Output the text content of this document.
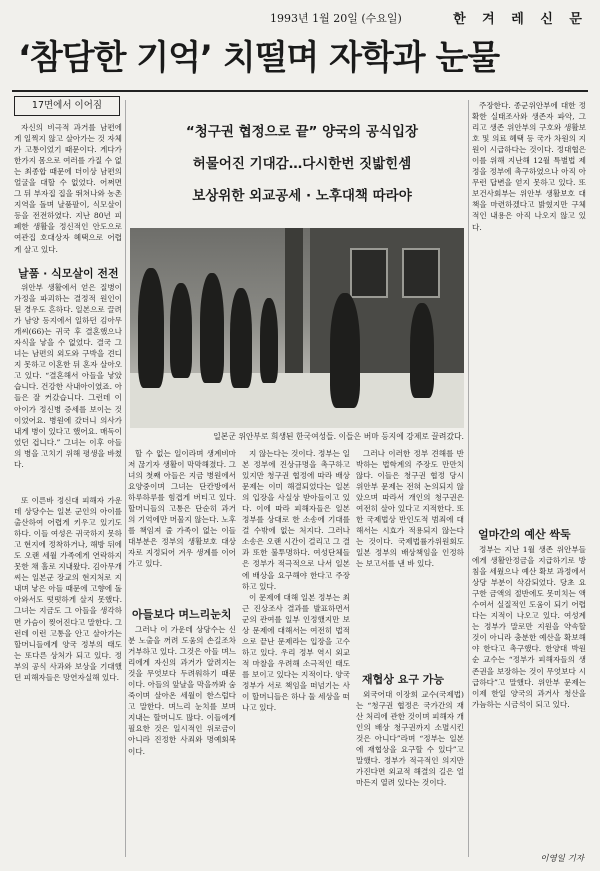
1993년 1월 20일 (수요일)	한 겨 레 신 문
‘참담한 기억’ 치떨며 자학과 눈물
17면에서 이어짐
“청구권 협정으로 끝” 양국의 공식입장
허물어진 기대감…다시한번 짓밟힌셈
보상위한 외교공세 · 노후대책 따라야
일본군 위안부로 희생된 한국여성들. 이들은 버마 등지에 강제로 끌려갔다.

자신의 비극적 과거를 남편에게 일찍지 않고 살아가는 것 자체가 고통이었기 때문이다. 게다가 한가지 몸으로 여러를 가질 수 없는 최종합 때문에 더이상 남편의 얼굴을 대할 수 없었다. 어쩌면 그 뒤 부자집 집을 뛰쳐나와 농촌지역을 돌며 날품팔이, 식모살이 등을 전전하였다. 지난 80년 피폐한 생활을 정신적인 안도으로 여관집 호대상자 혜택으로 어렵게 살고 있다.

날품 · 식모살이 전전

위안부 생활에서 얻은 질병이 가정을 파괴하는 결정적 원인이 된 경우도 흔하다. 일본으로 끌려가 남양 등지에서 일하던 김아무개씨(66)는 귀국 후 결혼했으나 자식을 낳을 수 없었다. 결국 그녀는 남편의 외도와 구박을 견디지 못하고 이혼한 뒤 혼자 살아오고 있다. “결혼해서 아들을 낳았습니다. 건강한 사내아이였죠. 아들은 잘 커갔습니다. 그런데 이 아이가 정신병 증세를 보이는 것이었어요. 병원에 갔더니 의사가 내게 병이 있다고 했어요. 매독이었던 겁니다.” 그녀는 이후 아들의 병을 고치기 위해 평생을 바쳤다.

또 이른바 정신대 피해자 가운데 상당수는 일본 군인의 아이를 출산하여 어렵게 키우고 있기도 하다. 이들 여성은 귀국하지 못하고 현지에 정착하거나, 해방 뒤에도 오랜 세월 가족에게 연락하지 못한 채 홀로 지내왔다. 김아무개씨는 일본군 장교의 현지처로 지내며 낳은 아들 때문에 고향에 돌아와서도 떳떳하게 살지 못했다. 그녀는 지금도 그 아들을 생각하면 가슴이 찢어진다고 말한다. 그런데 이런 고통을 안고 살아가는 할머니들에게 양국 정부의 태도는 또다른 상처가 되고 있다. 정부의 공식 사과와 보상을 기대했던 피해자들은 망연자실해 있다.

할 수 없는 일이라며 생계비마저 끊기자 생활이 막막해졌다. 그녀의 첫째 아들은 지금 병원에서 요양중이며 그녀는 단칸방에서 하루하루를 힘겹게 버티고 있다. 할머니들의 고통은 단순히 과거의 기억에만 머물지 않는다. 노후를 책임져 줄 가족이 없는 이들 대부분은 정부의 생활보호 대상자로 지정되어 겨우 생계를 이어가고 있다.

아들보다 며느리눈치

그러나 이 가운데 상당수는 신분 노출을 꺼려 도움의 손길조차 거부하고 있다. 그것은 아들 며느리에게 자신의 과거가 알려지는 것을 무엇보다 두려워하기 때문이다. 아들의 앞날을 막을까봐 숨죽이며 살아온 세월이 한스럽다고 말한다. 며느리 눈치를 보며 지내는 할머니도 많다. 이들에게 필요한 것은 일시적인 위로금이 아니라 진정한 사죄와 명예회복이다.

지 않는다는 것이다. 정부는 일본 정부에 진상규명을 촉구하고 있지만 청구권 협정에 따라 배상 문제는 이미 해결되었다는 일본의 입장을 사실상 받아들이고 있다. 이에 따라 피해자들은 일본 정부를 상대로 한 소송에 기대를 걸 수밖에 없는 처지다. 그러나 소송은 오랜 시간이 걸리고 그 결과 또한 불투명하다. 여성단체들은 정부가 적극적으로 나서 일본에 배상을 요구해야 한다고 주장하고 있다.

이 문제에 대해 일본 정부는 최근 진상조사 결과를 발표하면서 군의 관여를 일부 인정했지만 보상 문제에 대해서는 여전히 법적으로 끝난 문제라는 입장을 고수하고 있다. 우리 정부 역시 외교적 마찰을 우려해 소극적인 태도를 보이고 있다는 지적이다. 양국 정부가 서로 책임을 떠넘기는 사이 할머니들은 하나 둘 세상을 떠나고 있다.

그러나 이러한 정부 견해를 반박하는 법학계의 주장도 만만치 않다. 이들은 청구권 협정 당시 위안부 문제는 전혀 논의되지 않았으며 따라서 개인의 청구권은 여전히 살아 있다고 지적한다. 또한 국제법상 반인도적 범죄에 대해서는 시효가 적용되지 않는다는 것이다. 국제법률가위원회도 일본 정부의 배상책임을 인정하는 보고서를 낸 바 있다.

재협상 요구 가능

외국어대 이장희 교수(국제법)는 “청구권 협정은 국가간의 재산 처리에 관한 것이며 피해자 개인의 배상 청구권까지 소멸시킨 것은 아니다”라며 “정부는 일본에 재협상을 요구할 수 있다”고 말했다. 정부가 적극적인 의지만 가진다면 외교적 해결의 길은 얼마든지 열려 있다는 것이다.

주장한다. 종군위안부에 대한 정확한 실태조사와 생존자 파악, 그리고 생존 위안부의 구호와 생활보호 및 의료 혜택 등 국가 차원의 지원이 시급하다는 것이다. 정대협은 이를 위해 지난해 12월 특별법 제정을 정부에 촉구하였으나 아직 아무런 답변을 얻지 못하고 있다. 또 보건사회부는 위안부 생활보호 대책을 마련하겠다고 밝혔지만 구체적인 내용은 아직 나오지 않고 있다.

얼마간의 예산 싹둑

정부는 지난 1월 생존 위안부들에게 생활안정금을 지급하기로 방침을 세웠으나 예산 확보 과정에서 상당 부분이 삭감되었다. 당초 요구한 금액의 절반에도 못미치는 액수여서 실질적인 도움이 되기 어렵다는 지적이 나오고 있다. 여성계는 정부가 말로만 지원을 약속할 것이 아니라 충분한 예산을 확보해야 한다고 촉구했다. 한양대 박원순 교수는 “정부가 피해자들의 생존권을 보장하는 것이 무엇보다 시급하다”고 말했다. 위안부 문제는 이제 한일 양국의 과거사 청산을 가늠하는 시금석이 되고 있다.

이영일 기자
